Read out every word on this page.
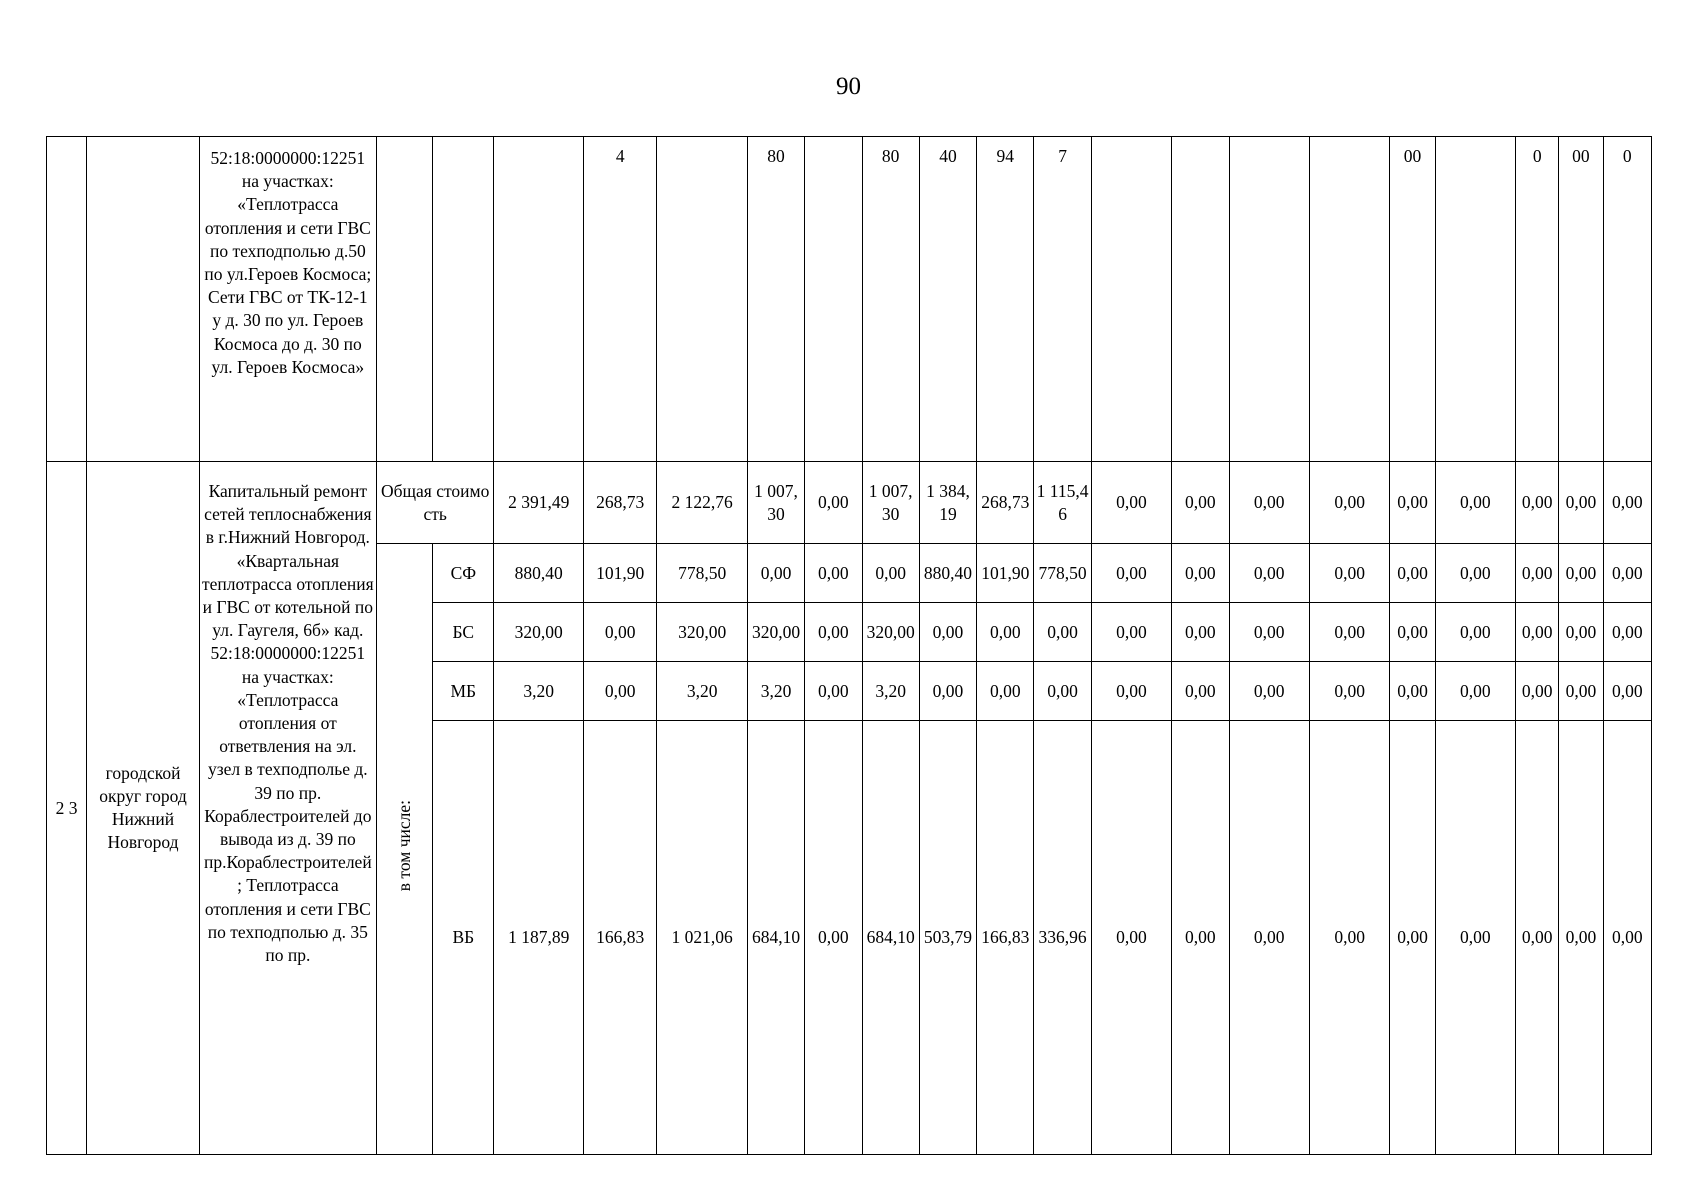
90
		52:18:0000000:12251 на участках: «Теплотрасса отопления и сети ГВС по техподполью д.50 по ул.Героев Космоса; Сети ГВС от ТК-12-1 у д. 30 по ул. Героев Космоса до д. 30 по ул. Героев Космоса»				4		80		80	40	94	7					00		0	00	0
2 3	городской округ город Нижний Новгород	Капитальный ремонт сетей теплоснабжения в г.Нижний Новгород. «Квартальная теплотрасса отопления и ГВС от котельной по ул. Гаугеля, 6б» кад. 52:18:0000000:12251 на участках: «Теплотрасса отопления от ответвления на эл. узел в техподполье д. 39 по пр. Кораблестроителей до вывода из д. 39 по пр.Кораблестроителей; Теплотрасса отопления и сети ГВС по техподполью д. 35 по пр.	Общая стоимость		2 391,49	268,73	2 122,76	1 007,30	0,00	1 007,30	1 384,19	268,73	1 115,46	0,00	0,00	0,00	0,00	0,00	0,00	0,00	0,00	0,00
			в том числе:	СФ	880,40	101,90	778,50	0,00	0,00	0,00	880,40	101,90	778,50	0,00	0,00	0,00	0,00	0,00	0,00	0,00	0,00	0,00
				БС	320,00	0,00	320,00	320,00	0,00	320,00	0,00	0,00	0,00	0,00	0,00	0,00	0,00	0,00	0,00	0,00	0,00	0,00
				МБ	3,20	0,00	3,20	3,20	0,00	3,20	0,00	0,00	0,00	0,00	0,00	0,00	0,00	0,00	0,00	0,00	0,00	0,00
				ВБ	1 187,89	166,83	1 021,06	684,10	0,00	684,10	503,79	166,83	336,96	0,00	0,00	0,00	0,00	0,00	0,00	0,00	0,00	0,00
